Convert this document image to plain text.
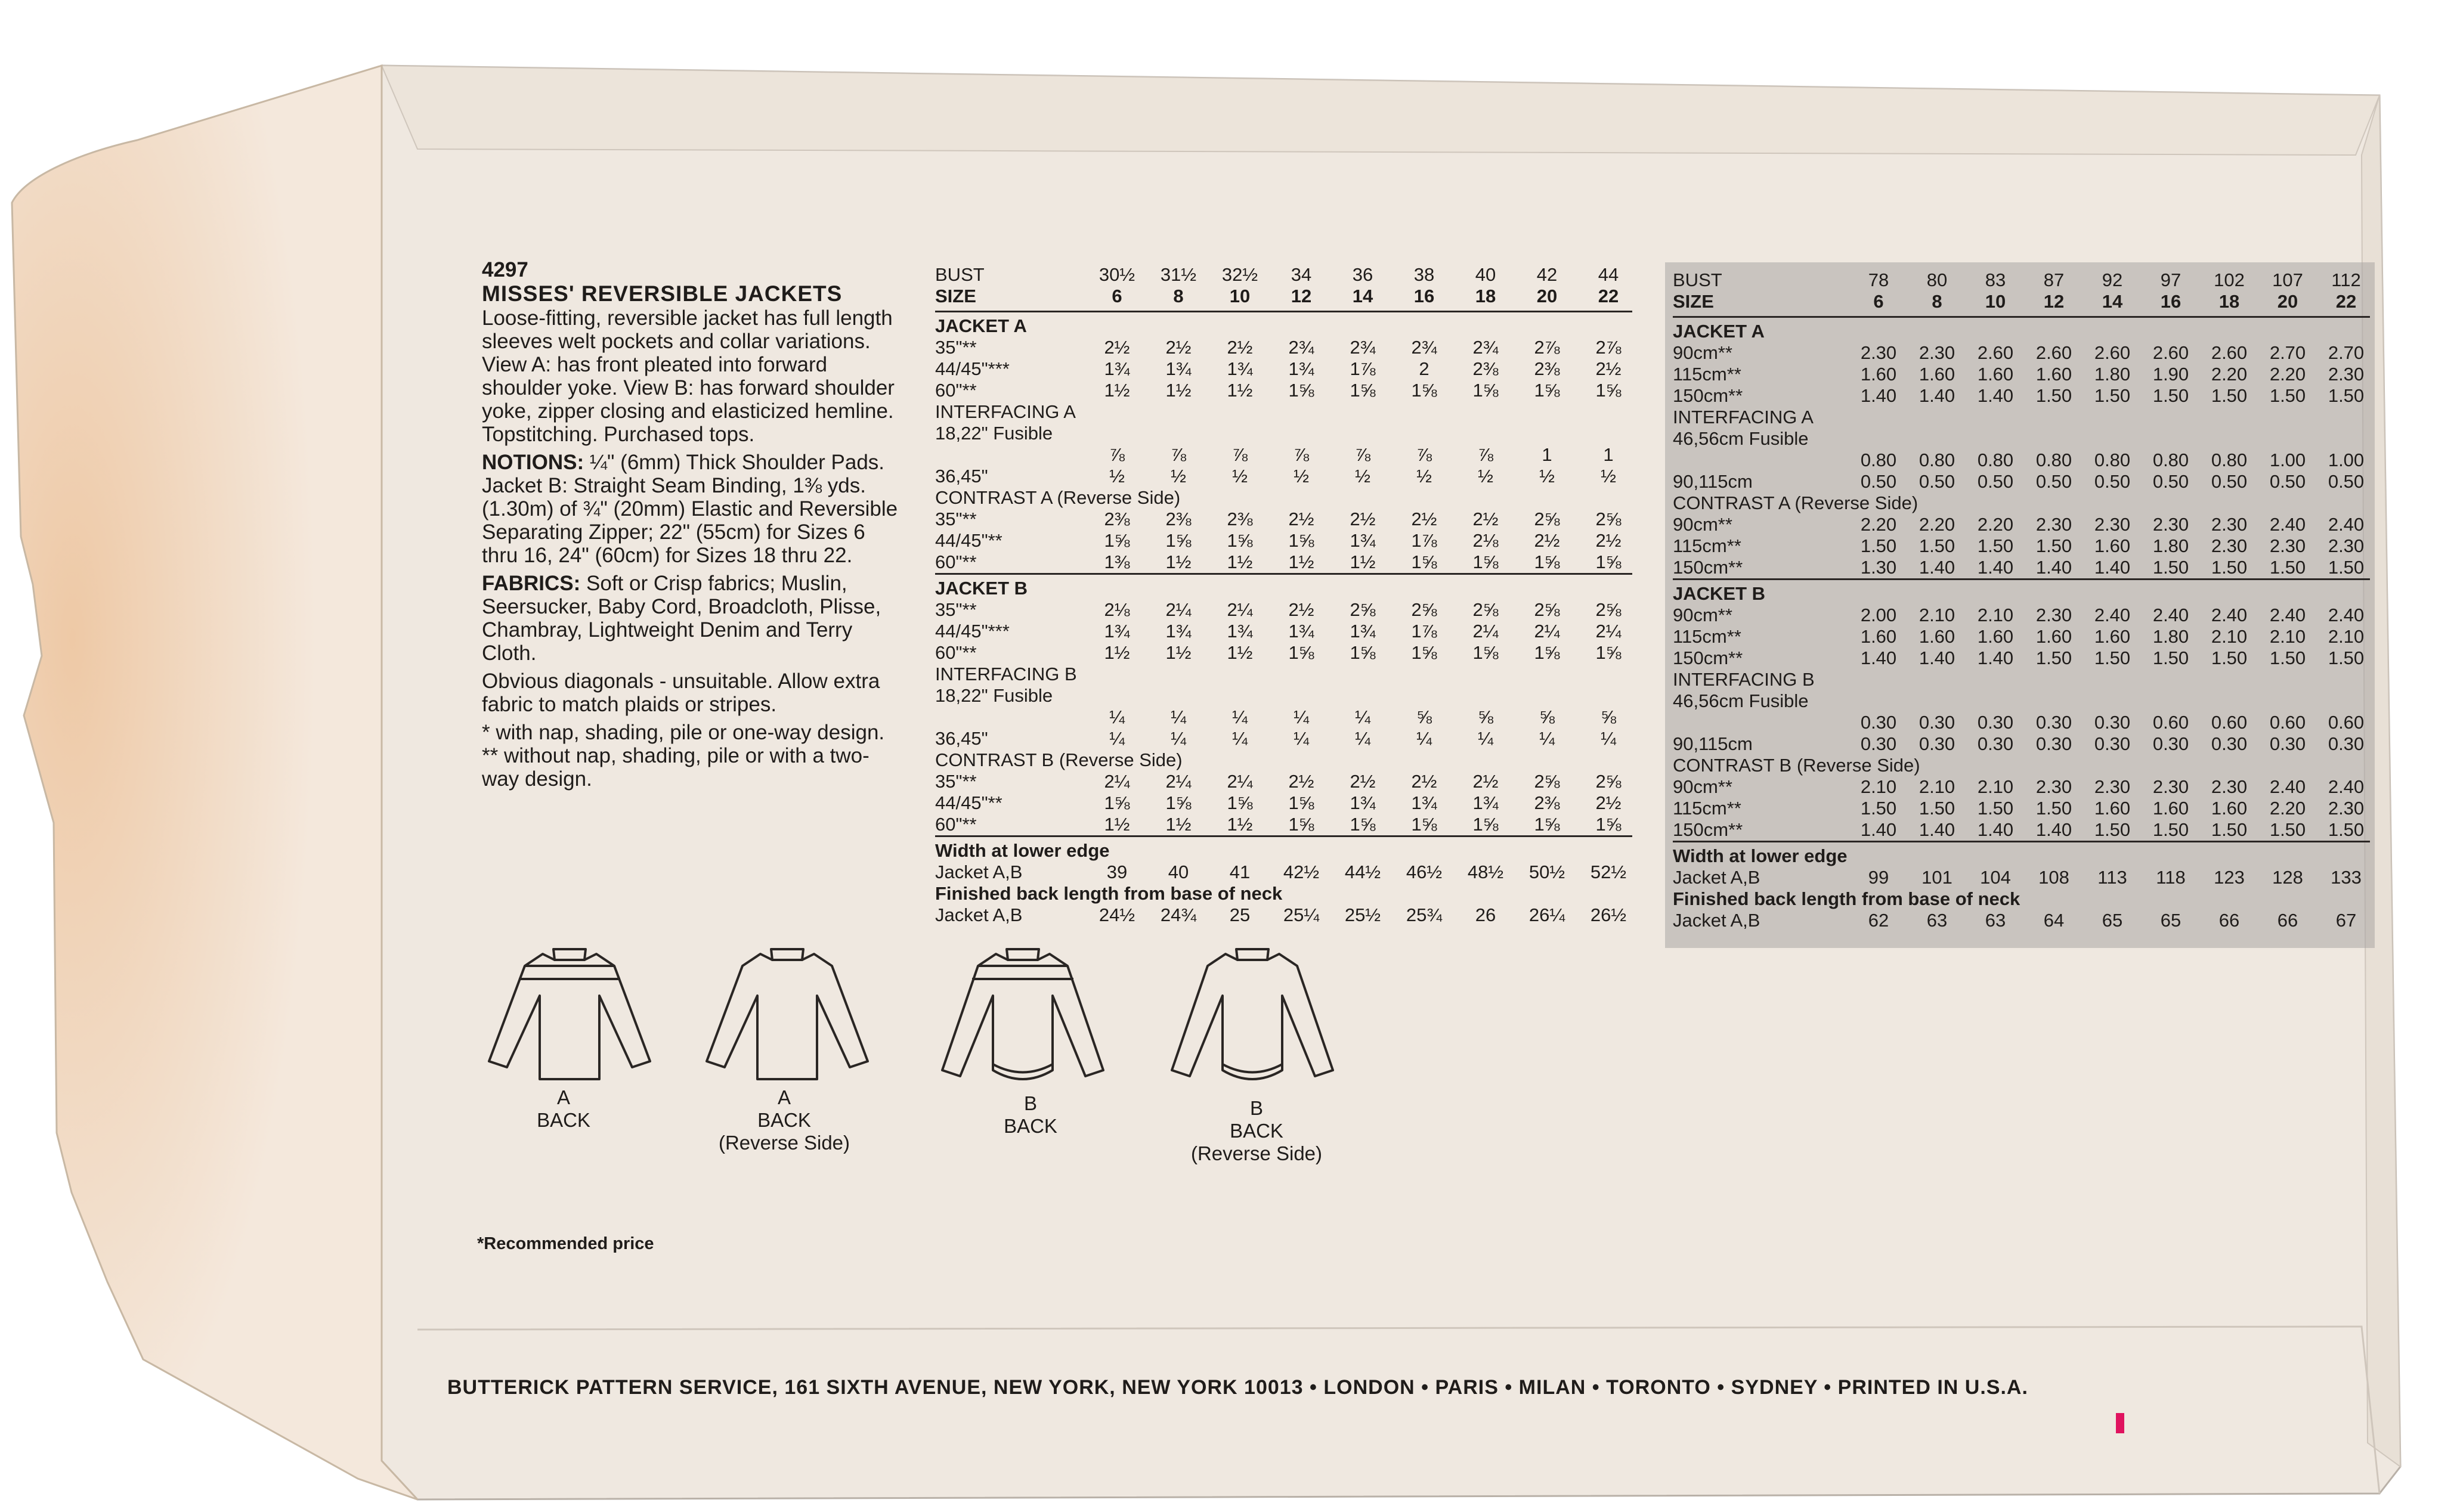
4297
MISSES' REVERSIBLE JACKETS

Loose-fitting, reversible jacket has full length sleeves welt pockets and collar variations. View A: has front pleated into forward shoulder yoke. View B: has forward shoulder yoke, zipper closing and elasticized hemline. Topstitching. Purchased tops.

NOTIONS: ¼" (6mm) Thick Shoulder Pads. Jacket B: Straight Seam Binding, 1⅜ yds. (1.30m) of ¾" (20mm) Elastic and Reversible Separating Zipper; 22" (55cm) for Sizes 6 thru 16, 24" (60cm) for Sizes 18 thru 22.

FABRICS: Soft or Crisp fabrics; Muslin, Seersucker, Baby Cord, Broadcloth, Plisse, Chambray, Lightweight Denim and Terry Cloth.

Obvious diagonals - unsuitable. Allow extra fabric to match plaids or stripes.

* with nap, shading, pile or one-way design.

** without nap, shading, pile or with a two-way design.

BUST	30½	31½	32½	34	36	38	40	42	44
SIZE	6	8	10	12	14	16	18	20	22
JACKET A
35"**	2½	2½	2½	2¾	2¾	2¾	2¾	2⅞	2⅞
44/45"***	1¾	1¾	1¾	1¾	1⅞	2	2⅜	2⅜	2½
60"**	1½	1½	1½	1⅝	1⅝	1⅝	1⅝	1⅝	1⅝
INTERFACING A
18,22" Fusible
⅞	⅞	⅞	⅞	⅞	⅞	⅞	1	1
36,45"	½	½	½	½	½	½	½	½	½
CONTRAST A (Reverse Side)
35"**	2⅜	2⅜	2⅜	2½	2½	2½	2½	2⅝	2⅝
44/45"**	1⅝	1⅝	1⅝	1⅝	1¾	1⅞	2⅛	2½	2½
60"**	1⅜	1½	1½	1½	1½	1⅝	1⅝	1⅝	1⅝
JACKET B
35"**	2⅛	2¼	2¼	2½	2⅝	2⅝	2⅝	2⅝	2⅝
44/45"***	1¾	1¾	1¾	1¾	1¾	1⅞	2¼	2¼	2¼
60"**	1½	1½	1½	1⅝	1⅝	1⅝	1⅝	1⅝	1⅝
INTERFACING B
18,22" Fusible
¼	¼	¼	¼	¼	⅝	⅝	⅝	⅝
36,45"	¼	¼	¼	¼	¼	¼	¼	¼	¼
CONTRAST B (Reverse Side)
35"**	2¼	2¼	2¼	2½	2½	2½	2½	2⅝	2⅝
44/45"**	1⅝	1⅝	1⅝	1⅝	1¾	1¾	1¾	2⅜	2½
60"**	1½	1½	1½	1⅝	1⅝	1⅝	1⅝	1⅝	1⅝
Width at lower edge
Jacket A,B	39	40	41	42½	44½	46½	48½	50½	52½
Finished back length from base of neck
Jacket A,B	24½	24¾	25	25¼	25½	25¾	26	26¼	26½
BUST	78	80	83	87	92	97	102	107	112
SIZE	6	8	10	12	14	16	18	20	22
JACKET A
90cm**	2.30	2.30	2.60	2.60	2.60	2.60	2.60	2.70	2.70
115cm**	1.60	1.60	1.60	1.60	1.80	1.90	2.20	2.20	2.30
150cm**	1.40	1.40	1.40	1.50	1.50	1.50	1.50	1.50	1.50
INTERFACING A
46,56cm Fusible
0.80	0.80	0.80	0.80	0.80	0.80	0.80	1.00	1.00
90,115cm	0.50	0.50	0.50	0.50	0.50	0.50	0.50	0.50	0.50
CONTRAST A (Reverse Side)
90cm**	2.20	2.20	2.20	2.30	2.30	2.30	2.30	2.40	2.40
115cm**	1.50	1.50	1.50	1.50	1.60	1.80	2.30	2.30	2.30
150cm**	1.30	1.40	1.40	1.40	1.40	1.50	1.50	1.50	1.50
JACKET B
90cm**	2.00	2.10	2.10	2.30	2.40	2.40	2.40	2.40	2.40
115cm**	1.60	1.60	1.60	1.60	1.60	1.80	2.10	2.10	2.10
150cm**	1.40	1.40	1.40	1.50	1.50	1.50	1.50	1.50	1.50
INTERFACING B
46,56cm Fusible
0.30	0.30	0.30	0.30	0.30	0.60	0.60	0.60	0.60
90,115cm	0.30	0.30	0.30	0.30	0.30	0.30	0.30	0.30	0.30
CONTRAST B (Reverse Side)
90cm**	2.10	2.10	2.10	2.30	2.30	2.30	2.30	2.40	2.40
115cm**	1.50	1.50	1.50	1.50	1.60	1.60	1.60	2.20	2.30
150cm**	1.40	1.40	1.40	1.40	1.50	1.50	1.50	1.50	1.50
Width at lower edge
Jacket A,B	99	101	104	108	113	118	123	128	133
Finished back length from base of neck
Jacket A,B	62	63	63	64	65	65	66	66	67
A
BACK
A
BACK
(Reverse Side)
B
BACK
B
BACK
(Reverse Side)
*Recommended price
BUTTERICK PATTERN SERVICE, 161 SIXTH AVENUE, NEW YORK, NEW YORK 10013 • LONDON • PARIS • MILAN • TORONTO • SYDNEY • PRINTED IN U.S.A.
